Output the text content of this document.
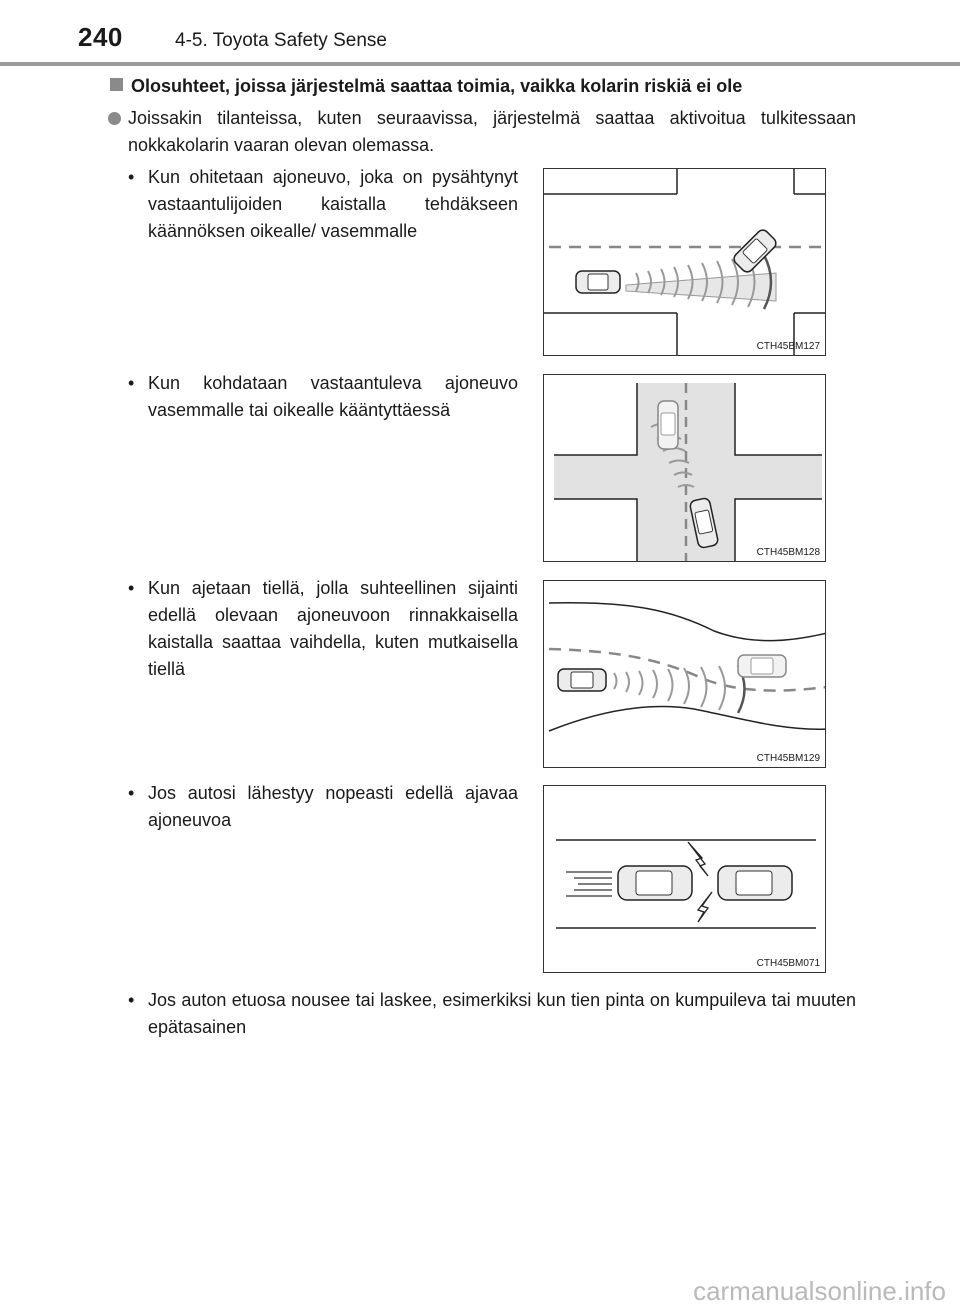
240	4-5. Toyota Safety Sense
Olosuhteet, joissa järjestelmä saattaa toimia, vaikka kolarin riskiä ei ole
Joissakin tilanteissa, kuten seuraavissa, järjestelmä saattaa aktivoitua tulkitessaan nokkakolarin vaaran olevan olemassa.
• Kun ohitetaan ajoneuvo, joka on pysähtynyt vastaantulijoiden kaistalla tehdäkseen käännöksen oikealle/ vasemmalle
CTH45BM127
• Kun kohdataan vastaantuleva ajoneuvo vasemmalle tai oikealle kääntyttäessä
CTH45BM128
• Kun ajetaan tiellä, jolla suhteellinen sijainti edellä olevaan ajoneuvoon rinnakkaisella kaistalla saattaa vaihdella, kuten mutkaisella tiellä
CTH45BM129
• Jos autosi lähestyy nopeasti edellä ajavaa ajoneuvoa
CTH45BM071
• Jos auton etuosa nousee tai laskee, esimerkiksi kun tien pinta on kumpuileva tai muuten epätasainen
carmanualsonline.info
